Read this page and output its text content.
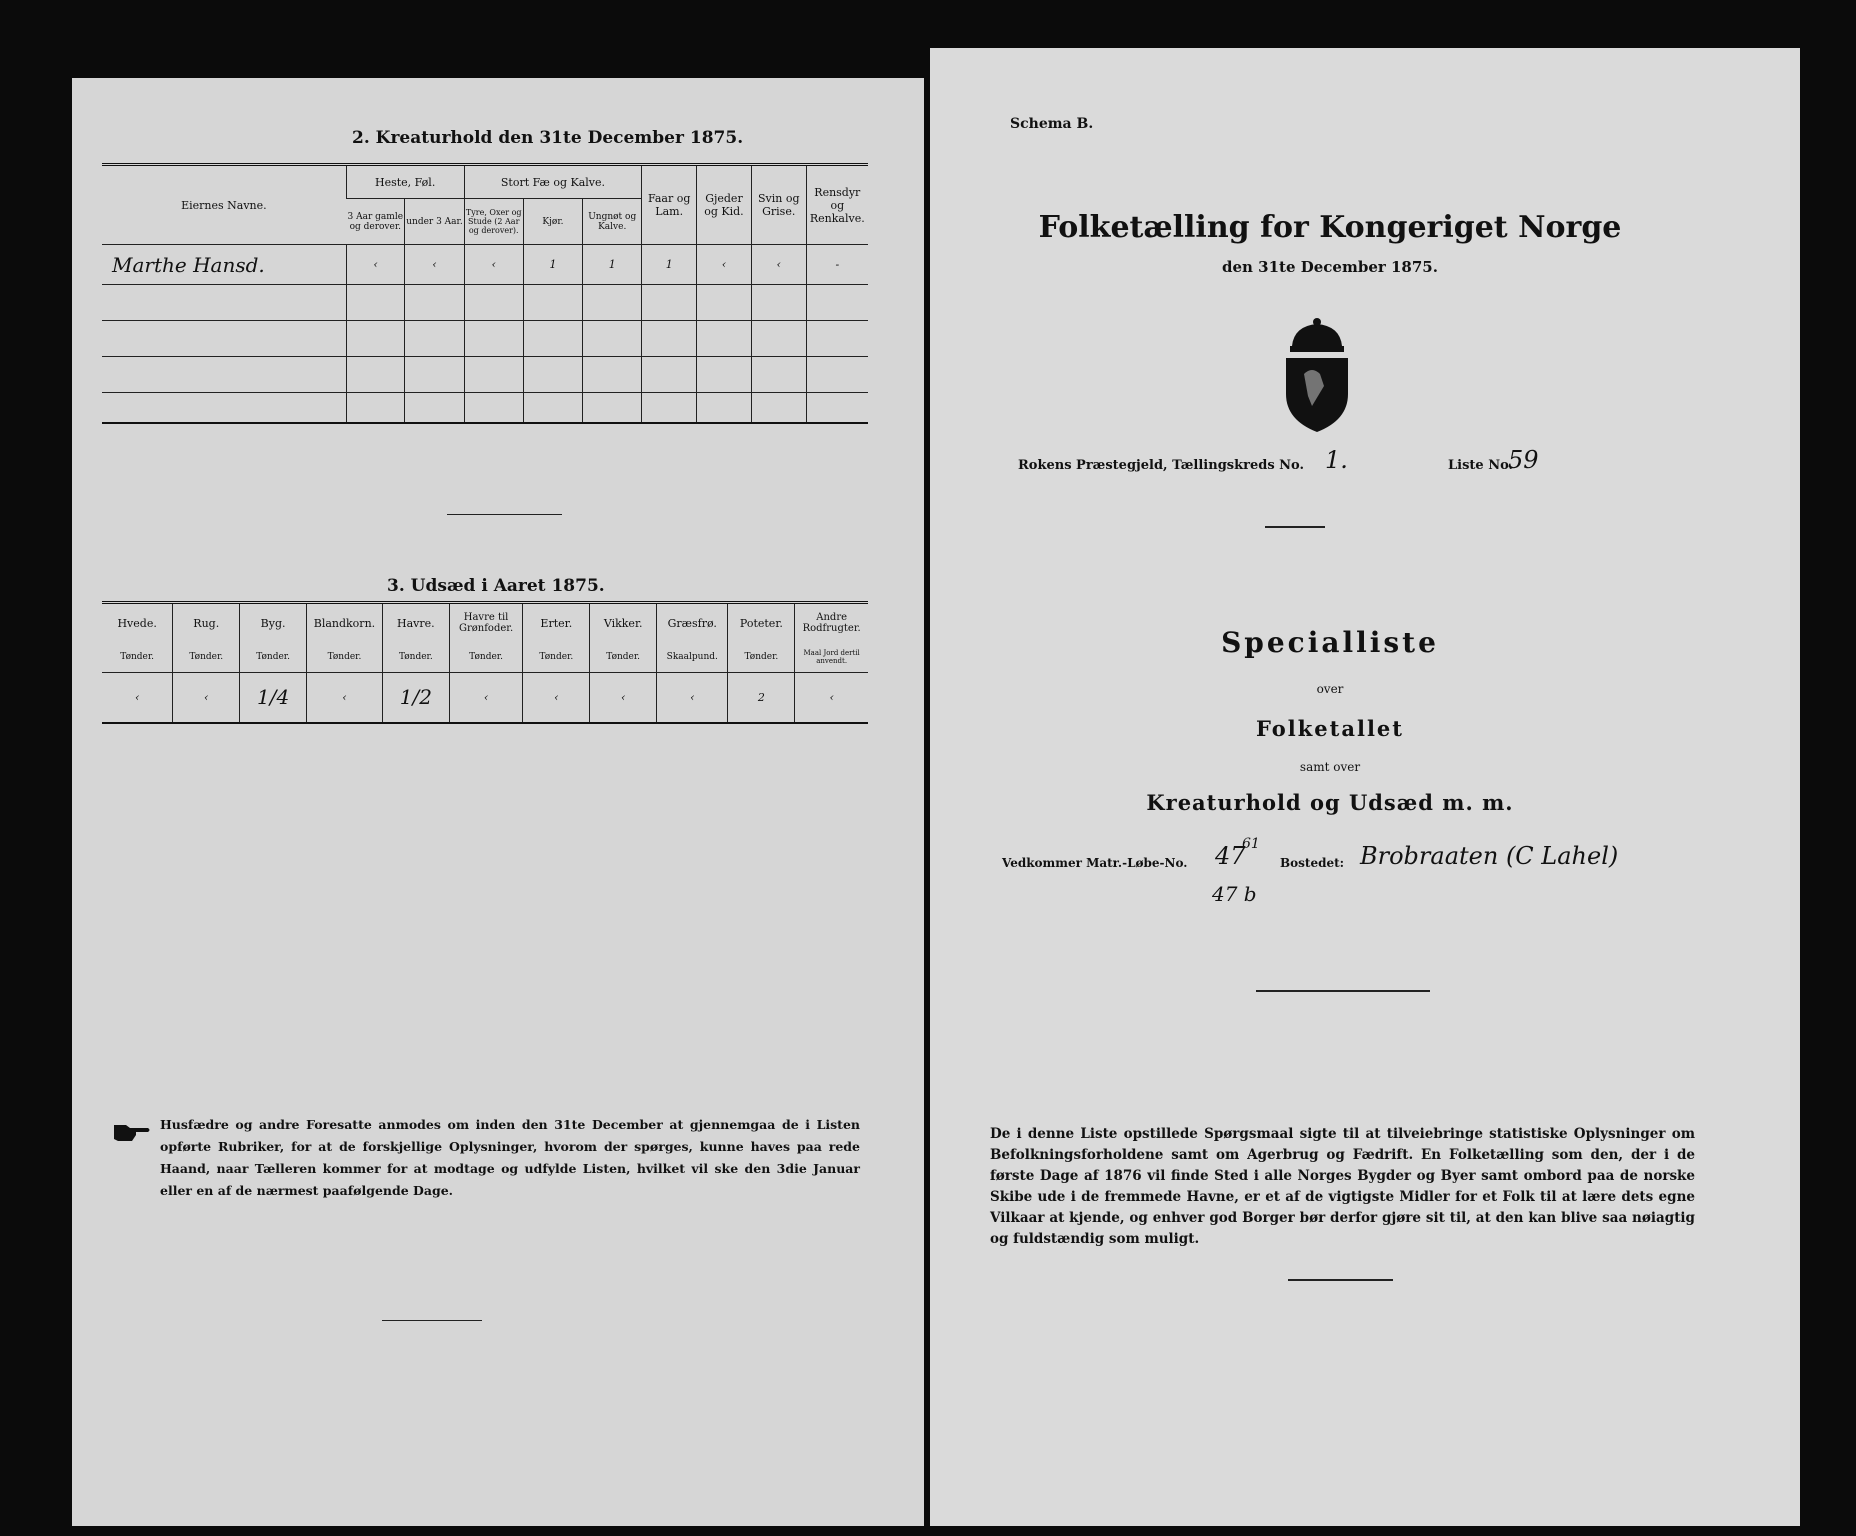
2. Kreaturhold den 31te December 1875.
Eiernes Navne.	Heste, Føl.		Stort Fæ og Kalve.			Faar og Lam.	Gjeder og Kid.	Svin og Grise.	Rensdyr og Renkalve.
	3 Aar gamle og derover.	under 3 Aar.	Tyre, Oxer og Stude (2 Aar og derover).	Kjør.	Ungnøt og Kalve.				
Marthe Hansd.	‹	‹	‹	1	1	1	‹	‹	-

3. Udsæd i Aaret 1875.
Hvede.	Rug.	Byg.	Blandkorn.	Havre.	Havre til Grønfoder.	Erter.	Vikker.	Græsfrø.	Poteter.	Andre Rodfrugter.
Tønder.	Tønder.	Tønder.	Tønder.	Tønder.	Tønder.	Tønder.	Tønder.	Skaalpund.	Tønder.	Maal Jord dertil anvendt.
‹	‹	1/4	‹	1/2	‹	‹	‹	‹	2	‹
Husfædre og andre Foresatte anmodes om inden den 31te December at gjennemgaa de i Listen opførte Rubriker, for at de forskjellige Oplysninger, hvorom der spørges, kunne haves paa rede Haand, naar Tælleren kommer for at modtage og udfylde Listen, hvilket vil ske den 3die Januar eller en af de nærmest paafølgende Dage.
Schema B.
Folketælling for Kongeriget Norge
den 31te December 1875.
Rokens Præstegjeld, Tællingskreds No. 1.	Liste No.
59
Specialliste
over
Folketallet
samt over
Kreaturhold og Udsæd m. m.
Vedkommer Matr.-Løbe-No. 47
61
47 b
Bostedet: Brobraaten (C Lahel)
De i denne Liste opstillede Spørgsmaal sigte til at tilveiebringe statistiske Oplysninger om Befolkningsforholdene samt om Agerbrug og Fædrift. En Folketælling som den, der i de første Dage af 1876 vil finde Sted i alle Norges Bygder og Byer samt ombord paa de norske Skibe ude i de fremmede Havne, er et af de vigtigste Midler for et Folk til at lære dets egne Vilkaar at kjende, og enhver god Borger bør derfor gjøre sit til, at den kan blive saa nøiagtig og fuldstændig som muligt.
